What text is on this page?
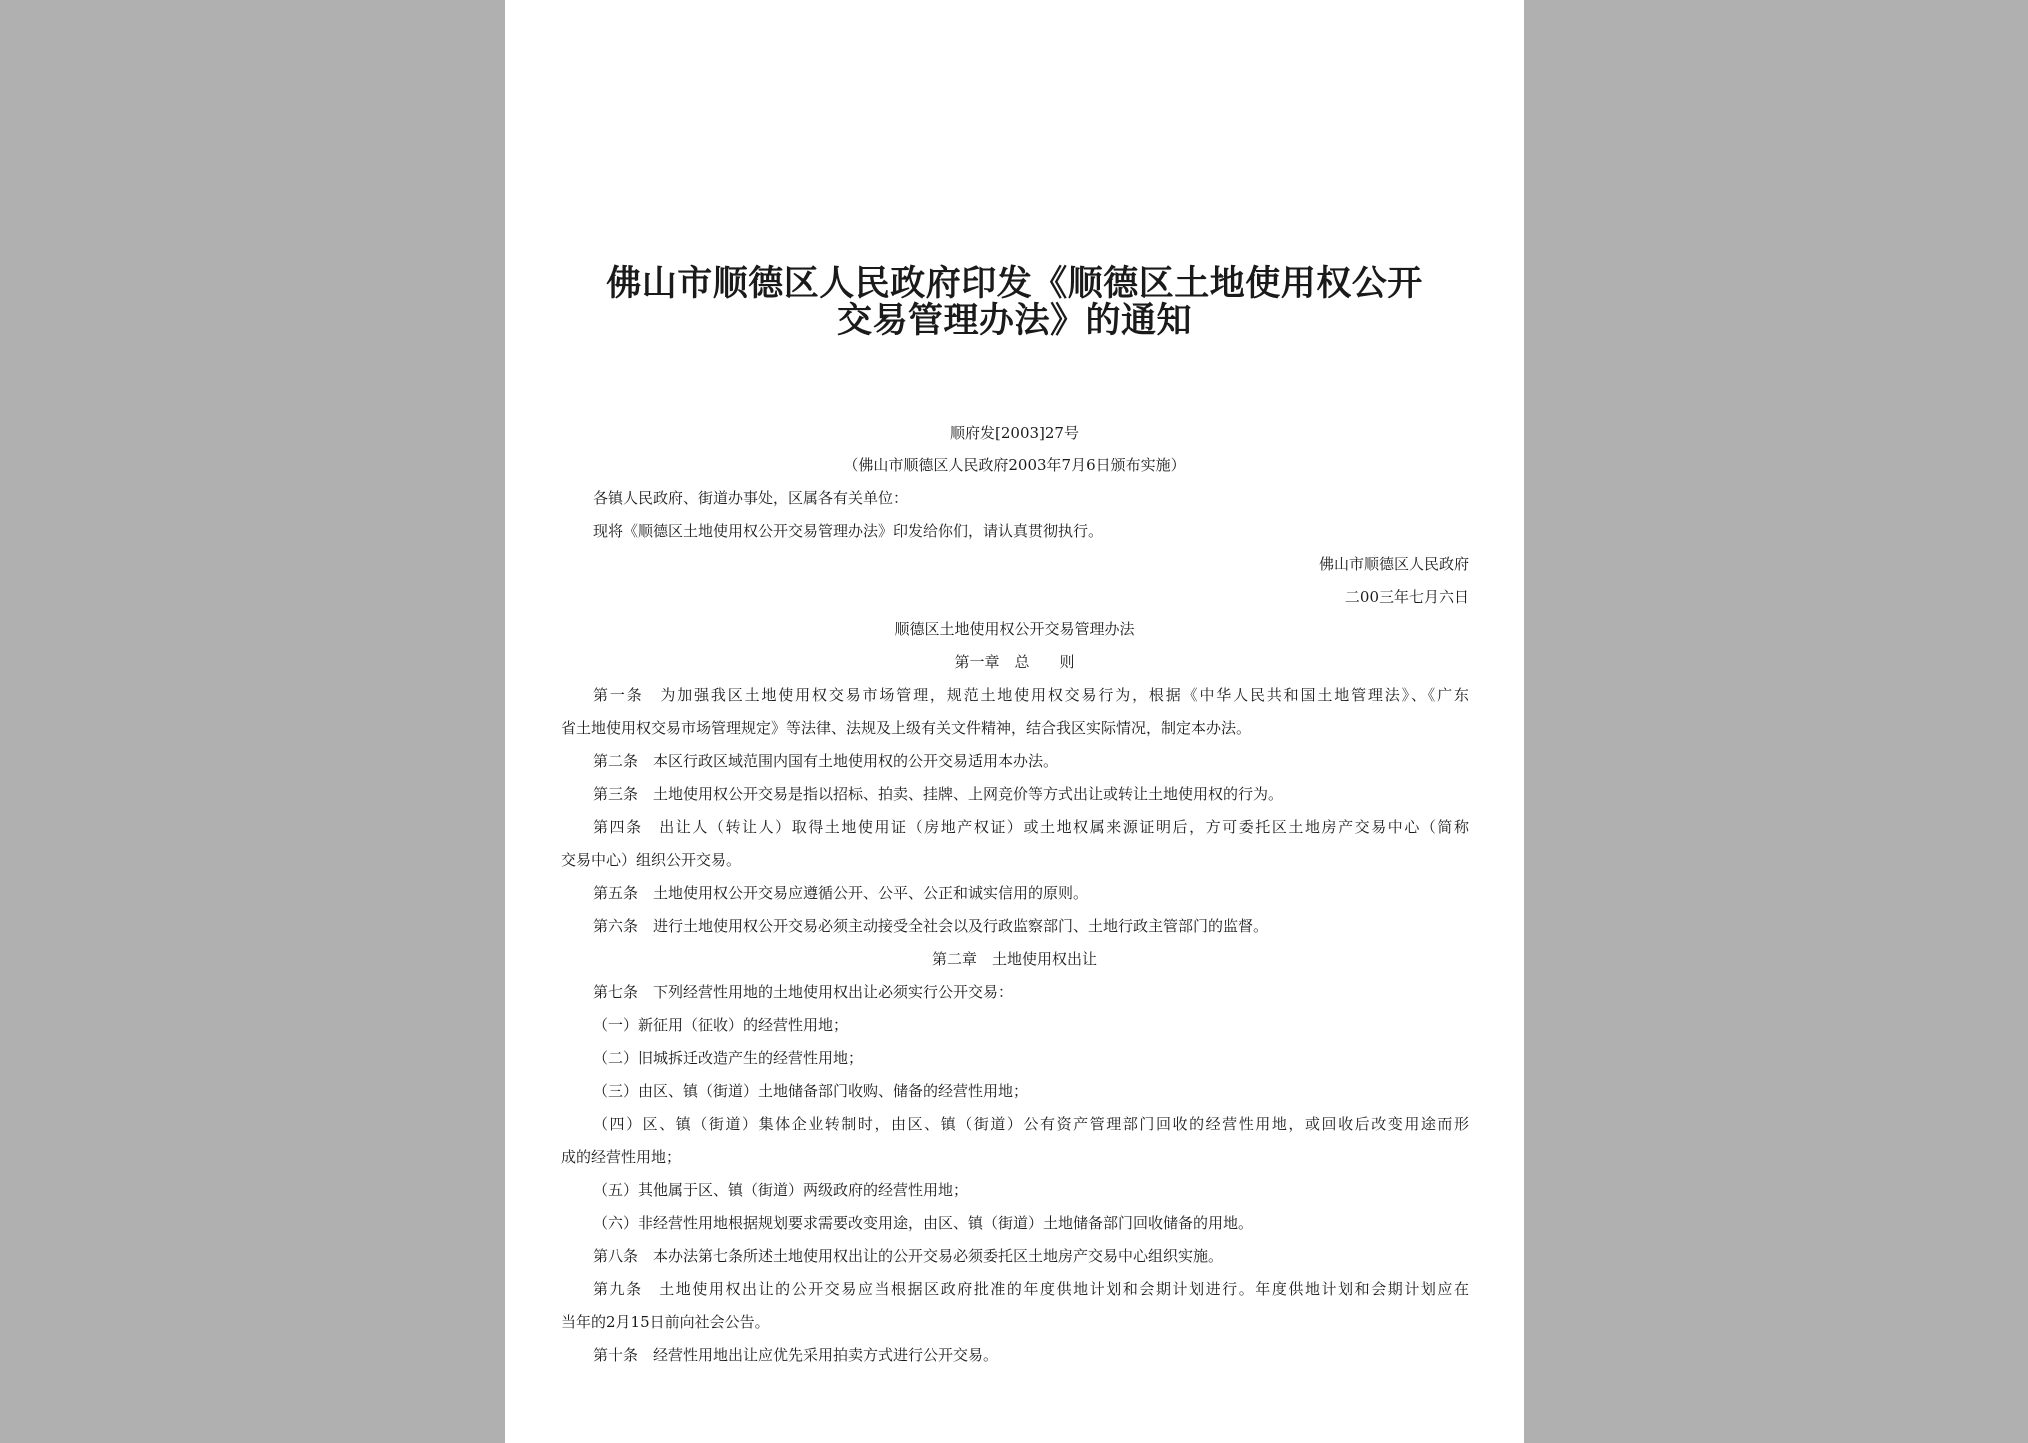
佛山市顺德区人民政府印发《顺德区土地使用权公开
交易管理办法》的通知
顺府发[2003]27号
（佛山市顺德区人民政府2003年7月6日颁布实施）
各镇人民政府、街道办事处，区属各有关单位：
现将《顺德区土地使用权公开交易管理办法》印发给你们，请认真贯彻执行。
佛山市顺德区人民政府
二00三年七月六日
顺德区土地使用权公开交易管理办法
第一章　总　　则
第一条　为加强我区土地使用权交易市场管理，规范土地使用权交易行为，根据《中华人民共和国土地管理法》、《广东
省土地使用权交易市场管理规定》等法律、法规及上级有关文件精神，结合我区实际情况，制定本办法。
第二条　本区行政区域范围内国有土地使用权的公开交易适用本办法。
第三条　土地使用权公开交易是指以招标、拍卖、挂牌、上网竞价等方式出让或转让土地使用权的行为。
第四条　出让人（转让人）取得土地使用证（房地产权证）或土地权属来源证明后，方可委托区土地房产交易中心（简称
交易中心）组织公开交易。
第五条　土地使用权公开交易应遵循公开、公平、公正和诚实信用的原则。
第六条　进行土地使用权公开交易必须主动接受全社会以及行政监察部门、土地行政主管部门的监督。
第二章　土地使用权出让
第七条　下列经营性用地的土地使用权出让必须实行公开交易：
（一）新征用（征收）的经营性用地；
（二）旧城拆迁改造产生的经营性用地；
（三）由区、镇（街道）土地储备部门收购、储备的经营性用地；
（四）区、镇（街道）集体企业转制时，由区、镇（街道）公有资产管理部门回收的经营性用地，或回收后改变用途而形
成的经营性用地；
（五）其他属于区、镇（街道）两级政府的经营性用地；
（六）非经营性用地根据规划要求需要改变用途，由区、镇（街道）土地储备部门回收储备的用地。
第八条　本办法第七条所述土地使用权出让的公开交易必须委托区土地房产交易中心组织实施。
第九条　土地使用权出让的公开交易应当根据区政府批准的年度供地计划和会期计划进行。年度供地计划和会期计划应在
当年的2月15日前向社会公告。
第十条　经营性用地出让应优先采用拍卖方式进行公开交易。
